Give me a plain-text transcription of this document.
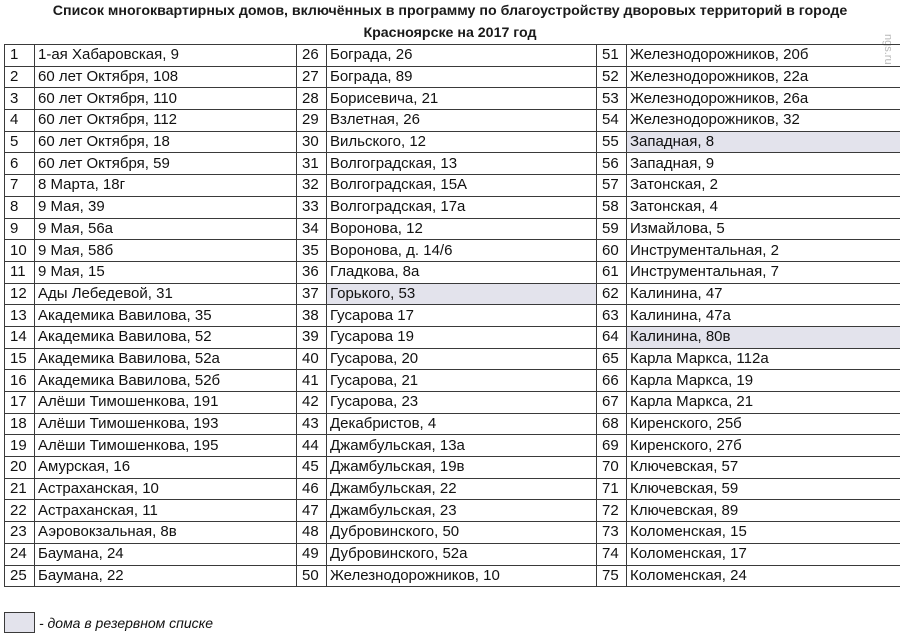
Список многоквартирных домов, включённых в программу по благоустройству дворовых территорий в городе
Красноярске на 2017 год
ngs.ru
1	1-ая Хабаровская, 9	26	Бограда, 26	51	Железнодорожников, 20б
2	60 лет Октября, 108	27	Бограда, 89	52	Железнодорожников, 22а
3	60 лет Октября, 110	28	Борисевича, 21	53	Железнодорожников, 26а
4	60 лет Октября, 112	29	Взлетная, 26	54	Железнодорожников, 32
5	60 лет Октября, 18	30	Вильского, 12	55	Западная, 8
6	60 лет Октября, 59	31	Волгоградская, 13	56	Западная, 9
7	8 Марта, 18г	32	Волгоградская, 15А	57	Затонская, 2
8	9 Мая, 39	33	Волгоградская, 17а	58	Затонская, 4
9	9 Мая, 56а	34	Воронова, 12	59	Измайлова, 5
10	9 Мая, 58б	35	Воронова, д. 14/6	60	Инструментальная, 2
11	9 Мая, 15	36	Гладкова, 8а	61	Инструментальная, 7
12	Ады Лебедевой, 31	37	Горького, 53	62	Калинина, 47
13	Академика Вавилова, 35	38	Гусарова 17	63	Калинина, 47а
14	Академика Вавилова, 52	39	Гусарова 19	64	Калинина, 80в
15	Академика Вавилова, 52а	40	Гусарова, 20	65	Карла Маркса, 112а
16	Академика Вавилова, 52б	41	Гусарова, 21	66	Карла Маркса, 19
17	Алёши Тимошенкова, 191	42	Гусарова, 23	67	Карла Маркса, 21
18	Алёши Тимошенкова, 193	43	Декабристов, 4	68	Киренского, 25б
19	Алёши Тимошенкова, 195	44	Джамбульская, 13а	69	Киренского, 27б
20	Амурская, 16	45	Джамбульская, 19в	70	Ключевская, 57
21	Астраханская, 10	46	Джамбульская, 22	71	Ключевская, 59
22	Астраханская, 11	47	Джамбульская, 23	72	Ключевская, 89
23	Аэровокзальная, 8в	48	Дубровинского, 50	73	Коломенская, 15
24	Баумана, 24	49	Дубровинского, 52а	74	Коломенская, 17
25	Баумана, 22	50	Железнодорожников, 10	75	Коломенская, 24
- дома в резервном списке
